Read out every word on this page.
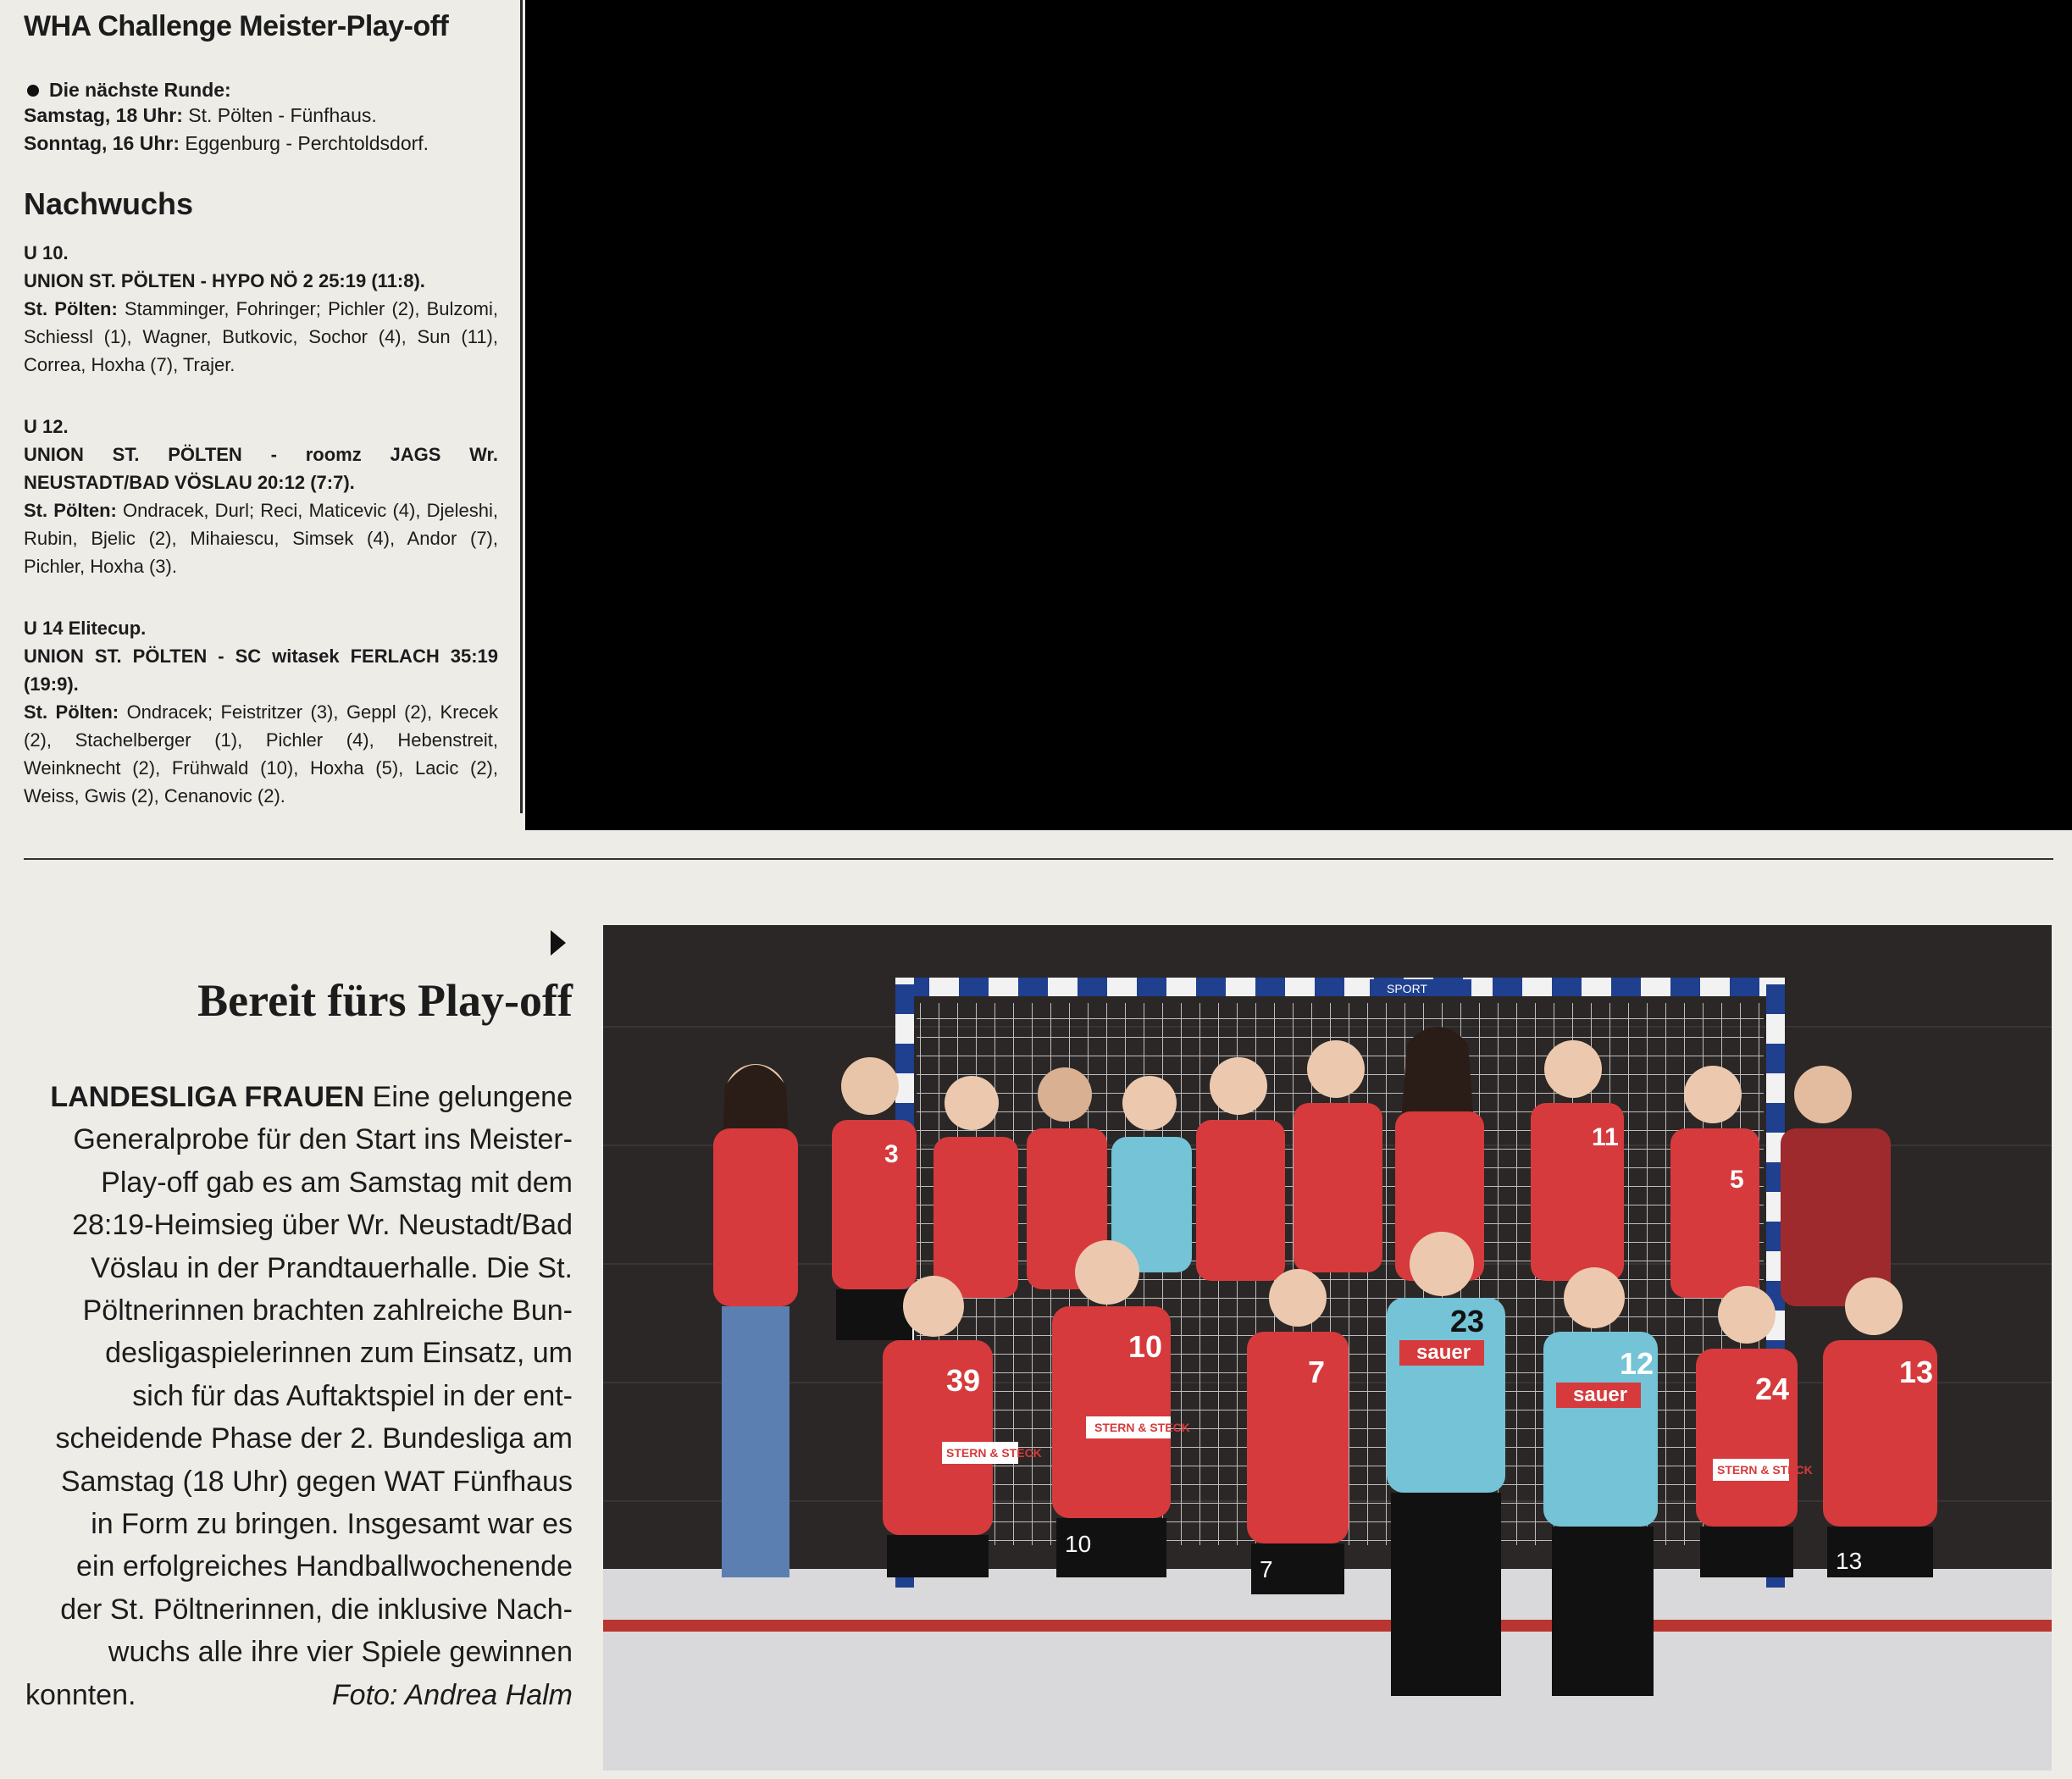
WHA Challenge Meister-Play-off
Die nächste Runde:
Samstag, 18 Uhr: St. Pölten - Fünfhaus.
Sonntag, 16 Uhr: Eggenburg - Perchtoldsdorf.
Nachwuchs
U 10.
UNION ST. PÖLTEN - HYPO NÖ 2 25:19 (11:8).
St. Pölten: Stamminger, Fohringer; Pichler (2), Bulzomi, Schiessl (1), Wagner, Butkovic, Sochor (4), Sun (11), Correa, Hoxha (7), Trajer.
U 12.
UNION ST. PÖLTEN - roomz JAGS Wr. NEUSTADT/BAD VÖSLAU 20:12 (7:7).
St. Pölten: Ondracek, Durl; Reci, Maticevic (4), Djeleshi, Rubin, Bjelic (2), Mihaiescu, Simsek (4), Andor (7), Pichler, Hoxha (3).
U 14 Elitecup.
UNION ST. PÖLTEN - SC witasek FERLACH 35:19 (19:9).
St. Pölten: Ondracek; Feistritzer (3), Geppl (2), Krecek (2), Stachelberger (1), Pichler (4), Hebenstreit, Weinknecht (2), Frühwald (10), Hoxha (5), Lacic (2), Weiss, Gwis (2), Cenanovic (2).
Bereit fürs Play-off
LANDESLIGA FRAUEN Eine gelungene
Generalprobe für den Start ins Meister-
Play-off gab es am Samstag mit dem
28:19-Heimsieg über Wr. Neustadt/Bad
Vöslau in der Prandtauerhalle. Die St.
Pöltnerinnen brachten zahlreiche Bun-
desligaspielerinnen zum Einsatz, um
sich für das Auftaktspiel in der ent-
scheidende Phase der 2. Bundesliga am
Samstag (18 Uhr) gegen WAT Fünfhaus
in Form zu bringen. Insgesamt war es
ein erfolgreiches Handballwochenende
der St. Pöltnerinnen, die inklusive Nach-
wuchs alle ihre vier Spiele gewinnen
konnten.	Foto: Andrea Halm
SPORT
3
11
5
39
10
10
7
7
sauer
23
sauer
12
24	13
13
STERN & STECK
STERN & STECK
STERN & STECK
